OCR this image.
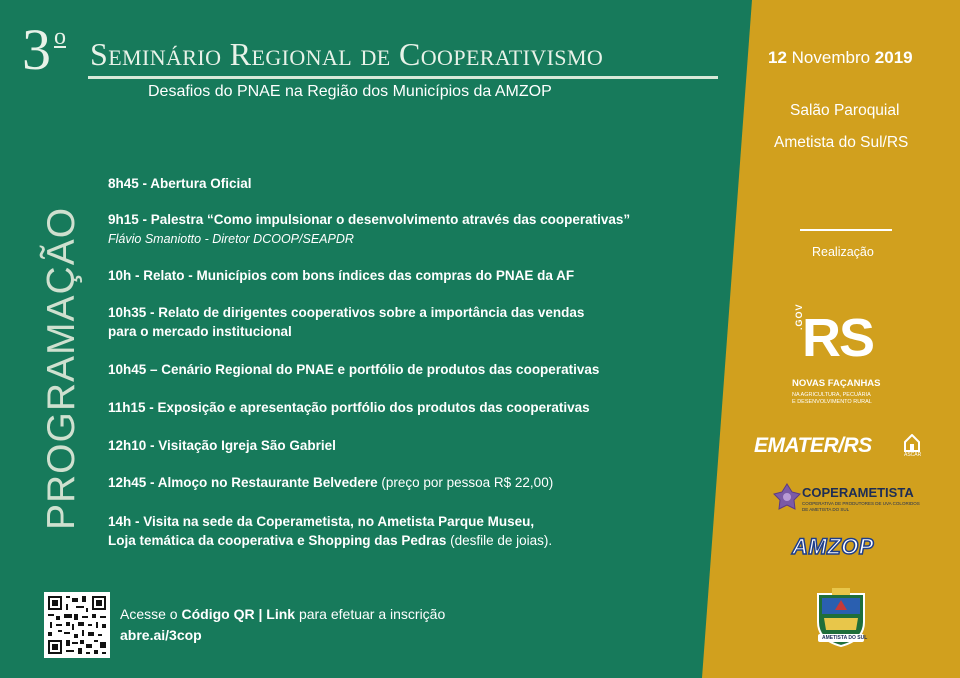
3 o Seminário Regional de Cooperativismo
Desafios do PNAE na Região dos Municípios da AMZOP
PROGRAMAÇÃO
8h45 - Abertura Oficial
9h15 - Palestra “Como impulsionar o desenvolvimento através das cooperativas”
Flávio Smaniotto - Diretor DCOOP/SEAPDR
10h - Relato - Municípios com bons índices das compras do PNAE da AF
10h35 - Relato de dirigentes cooperativos sobre a importância das vendas
para o mercado institucional
10h45 – Cenário Regional do PNAE e portfólio de produtos das cooperativas
11h15 - Exposição e apresentação portfólio dos produtos das cooperativas
12h10 - Visitação Igreja São Gabriel
12h45 - Almoço no Restaurante Belvedere (preço por pessoa R$ 22,00)
14h - Visita na sede da Coperametista, no Ametista Parque Museu,
Loja temática da cooperativa e Shopping das Pedras (desfile de joias).
Acesse o Código QR | Link para efetuar a inscrição
abre.ai/3cop
12 Novembro 2019
Salão Paroquial
Ametista do Sul/RS
Realização
.GOV
RS
NOVAS FAÇANHAS
NA AGRICULTURA, PECUÁRIA
E DESENVOLVIMENTO RURAL
EMATER/RS	ASCAR
COPERAMETISTA
COOPERATIVA DE PRODUTORES DE UVA COLORIDOS
DE AMETISTA DO SUL
AMZOP
AMETISTA DO SUL
